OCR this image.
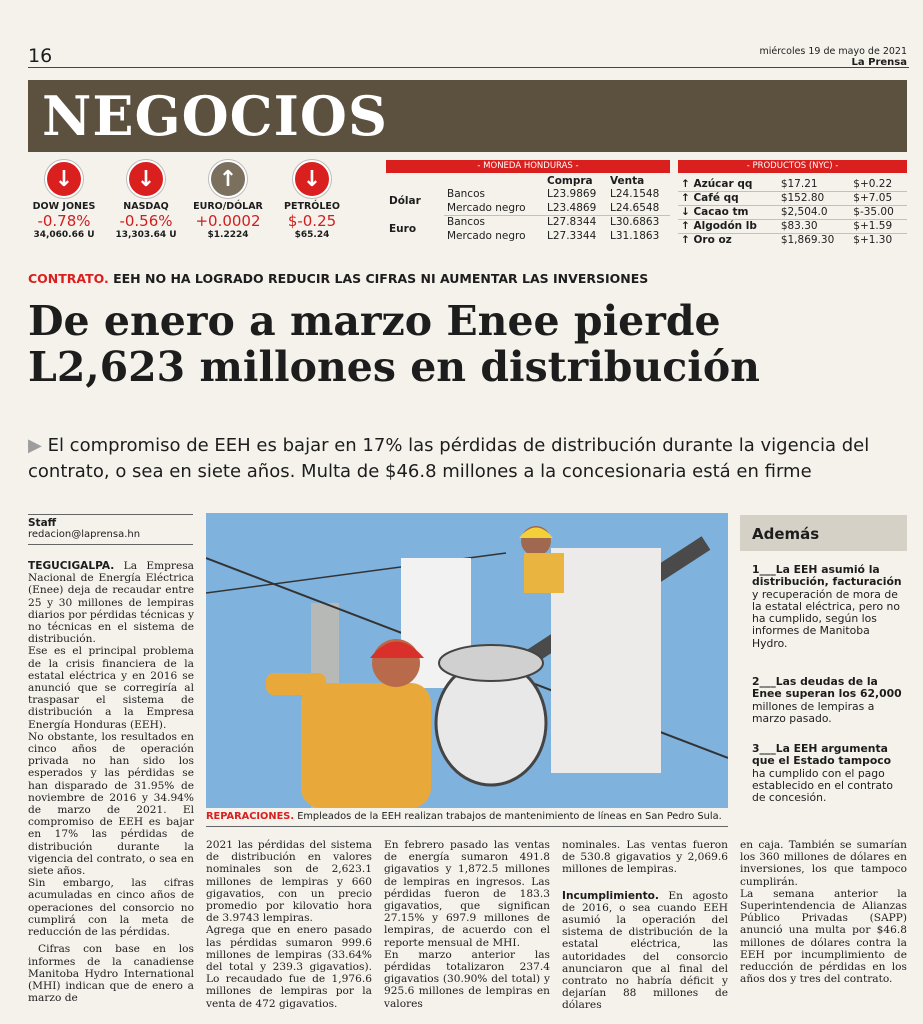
16	miércoles 19 de mayo de 2021
La Prensa
NEGOCIOS
↓
DOW JONES
-0.78%
34,060.66 U
↓
NASDAQ
-0.56%
13,303.64 U
↑
EURO/DÓLAR
+0.0002
$1.2224
↓
PETRÓLEO
$-0.25
$65.24
- MONEDA HONDURAS -
		Compra	Venta
Dólar	Bancos	L23.9869	L24.1548
	Mercado negro	L23.4869	L24.6548
Euro	Bancos	L27.8344	L30.6863
	Mercado negro	L27.3344	L31.1863
- PRODUCTOS (NYC) -

↑ Azúcar qq	$17.21	$+0.22
↑ Café qq	$152.80	$+7.05
↓ Cacao tm	$2,504.0	$-35.00
↑ Algodón lb	$83.30	$+1.59
↑ Oro oz	$1,869.30	$+1.30
CONTRATO. EEH NO HA LOGRADO REDUCIR LAS CIFRAS NI AUMENTAR LAS INVERSIONES
De enero a marzo Enee pierde
L2,623 millones en distribución
▶ El compromiso de EEH es bajar en 17% las pérdidas de distribución durante la vigencia del contrato, o sea en siete años. Multa de $46.8 millones a la concesionaria está en firme
Staff
redacion@laprensa.hn

TEGUCIGALPA. La Empresa Nacional de Energía Eléctrica (Enee) deja de recaudar entre 25 y 30 millones de lempiras diarios por pérdidas técnicas y no técnicas en el sistema de distribución.

Ese es el principal problema de la crisis financiera de la estatal eléctrica y en 2016 se anunció que se corregiría al traspasar el sistema de distribución a la Empresa Energía Honduras (EEH).

No obstante, los resultados en cinco años de operación privada no han sido los esperados y las pérdidas se han disparado de 31.95% de noviembre de 2016 y 34.94% de marzo de 2021. El compromiso de EEH es bajar en 17% las pérdidas de distribución durante la vigencia del contrato, o sea en siete años.

Sin embargo, las cifras acumuladas en cinco años de operaciones del consorcio no cumplirá con la meta de reducción de las pérdidas.

Cifras con base en los informes de la canadiense Manitoba Hydro International (MHI) indican que de enero a marzo de

REPARACIONES. Empleados de la EEH realizan trabajos de mantenimiento de líneas en San Pedro Sula.

2021 las pérdidas del sistema de distribución en valores nominales son de 2,623.1 millones de lempiras y 660 gigavatios, con un precio promedio por kilovatio hora de 3.9743 lempiras.

Agrega que en enero pasado las pérdidas sumaron 999.6 millones de lempiras (33.64% del total y 239.3 gigavatios). Lo recaudado fue de 1,976.6 millones de lempiras por la venta de 472 gigavatios.

En febrero pasado las ventas de energía sumaron 491.8 gigavatios y 1,872.5 millones de lempiras en ingresos. Las pérdidas fueron de 183.3 gigavatios, que significan 27.15% y 697.9 millones de lempiras, de acuerdo con el reporte mensual de MHI.

En marzo anterior las pérdidas totalizaron 237.4 gigavatios (30.90% del total) y 925.6 millones de lempiras en valores

nominales. Las ventas fueron de 530.8 gigavatios y 2,069.6 millones de lempiras.

Incumplimiento. En agosto de 2016, o sea cuando EEH asumió la operación del sistema de distribución de la estatal eléctrica, las autoridades del consorcio anunciaron que al final del contrato no habría déficit y dejarían 88 millones de dólares

en caja. También se sumarían los 360 millones de dólares en inversiones, los que tampoco cumplirán.

La semana anterior la Superintendencia de Alianzas Público Privadas (SAPP) anunció una multa por $46.8 millones de dólares contra la EEH por incumplimiento de reducción de pérdidas en los años dos y tres del contrato.

Además
1___La EEH asumió la distribución, facturación y recuperación de mora de la estatal eléctrica, pero no ha cumplido, según los informes de Manitoba Hydro.
2___Las deudas de la Enee superan los 62,000 millones de lempiras a marzo pasado.
3___La EEH argumenta que el Estado tampoco ha cumplido con el pago establecido en el contrato de concesión.
